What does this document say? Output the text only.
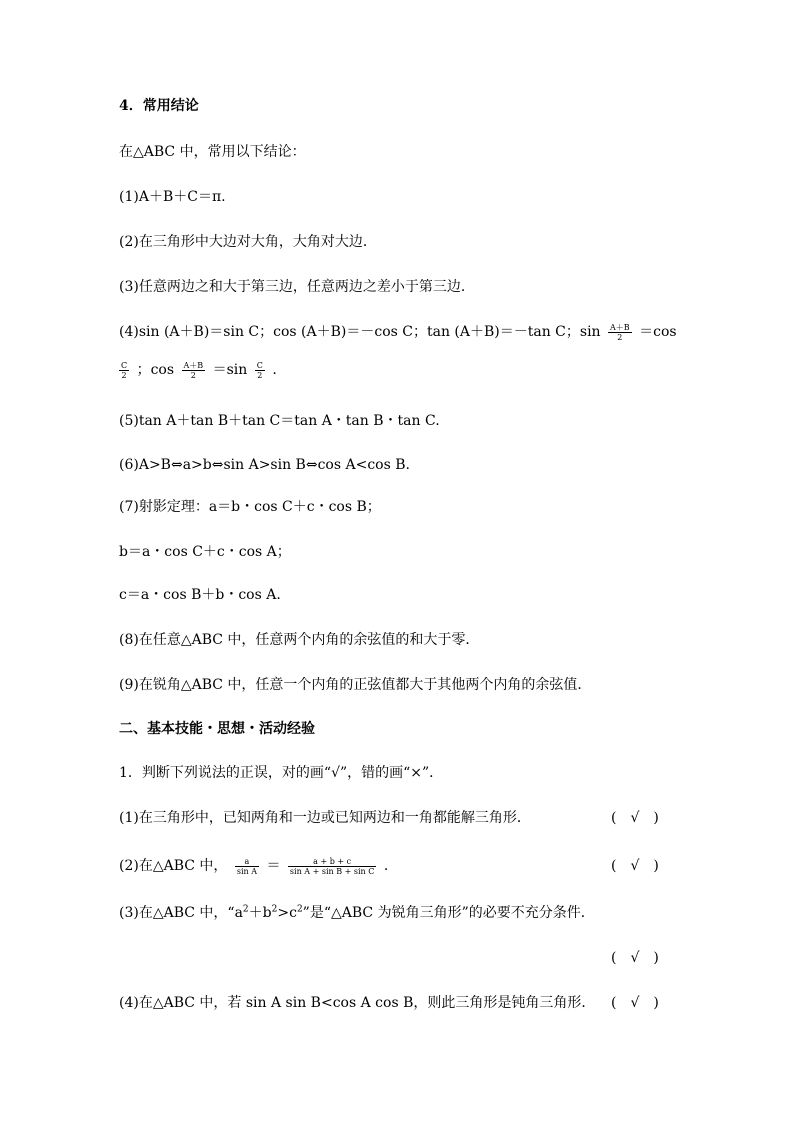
4．常用结论
在△ABC 中，常用以下结论：
(1)A＋B＋C＝π.
(2)在三角形中大边对大角，大角对大边．
(3)任意两边之和大于第三边，任意两边之差小于第三边．
(4)sin (A＋B)＝sin C；cos (A＋B)＝－cos C；tan (A＋B)＝－tan C；$\sin \frac{A+B}{2} =\cos$
$\frac{C}{2}$ ；$\cos \frac{A+B}{2} =\sin \frac{C}{2}$ .
(5)tan A＋tan B＋tan C＝tan A・tan B・tan C.
(6)A>B⇔a>b⇔sin A>sin B⇔cos A<cos B.
(7)射影定理：a＝b・cos C＋c・cos B；
b＝a・cos C＋c・cos A；
c＝a・cos B＋b・cos A.
(8)在任意△ABC 中，任意两个内角的余弦值的和大于零．
(9)在锐角△ABC 中，任意一个内角的正弦值都大于其他两个内角的余弦值．
二、基本技能・思想・活动经验
1．判断下列说法的正误，对的画“√”，错的画“×”．
(1)在三角形中，已知两角和一边或已知两边和一角都能解三角形．	(　√　)
(2)在△ABC 中， $\frac{a}{\text{sin A}} = \frac{a + b + c}{\text{sin A + sin B + sin C}}$ .	(　√　)
(3)在△ABC 中，“$a^2+b^2>c^2$”是“△ABC 为锐角三角形”的必要不充分条件．
(　√　)
(4)在△ABC 中，若 sin A sin B<cos A cos B，则此三角形是钝角三角形． (　√　)
